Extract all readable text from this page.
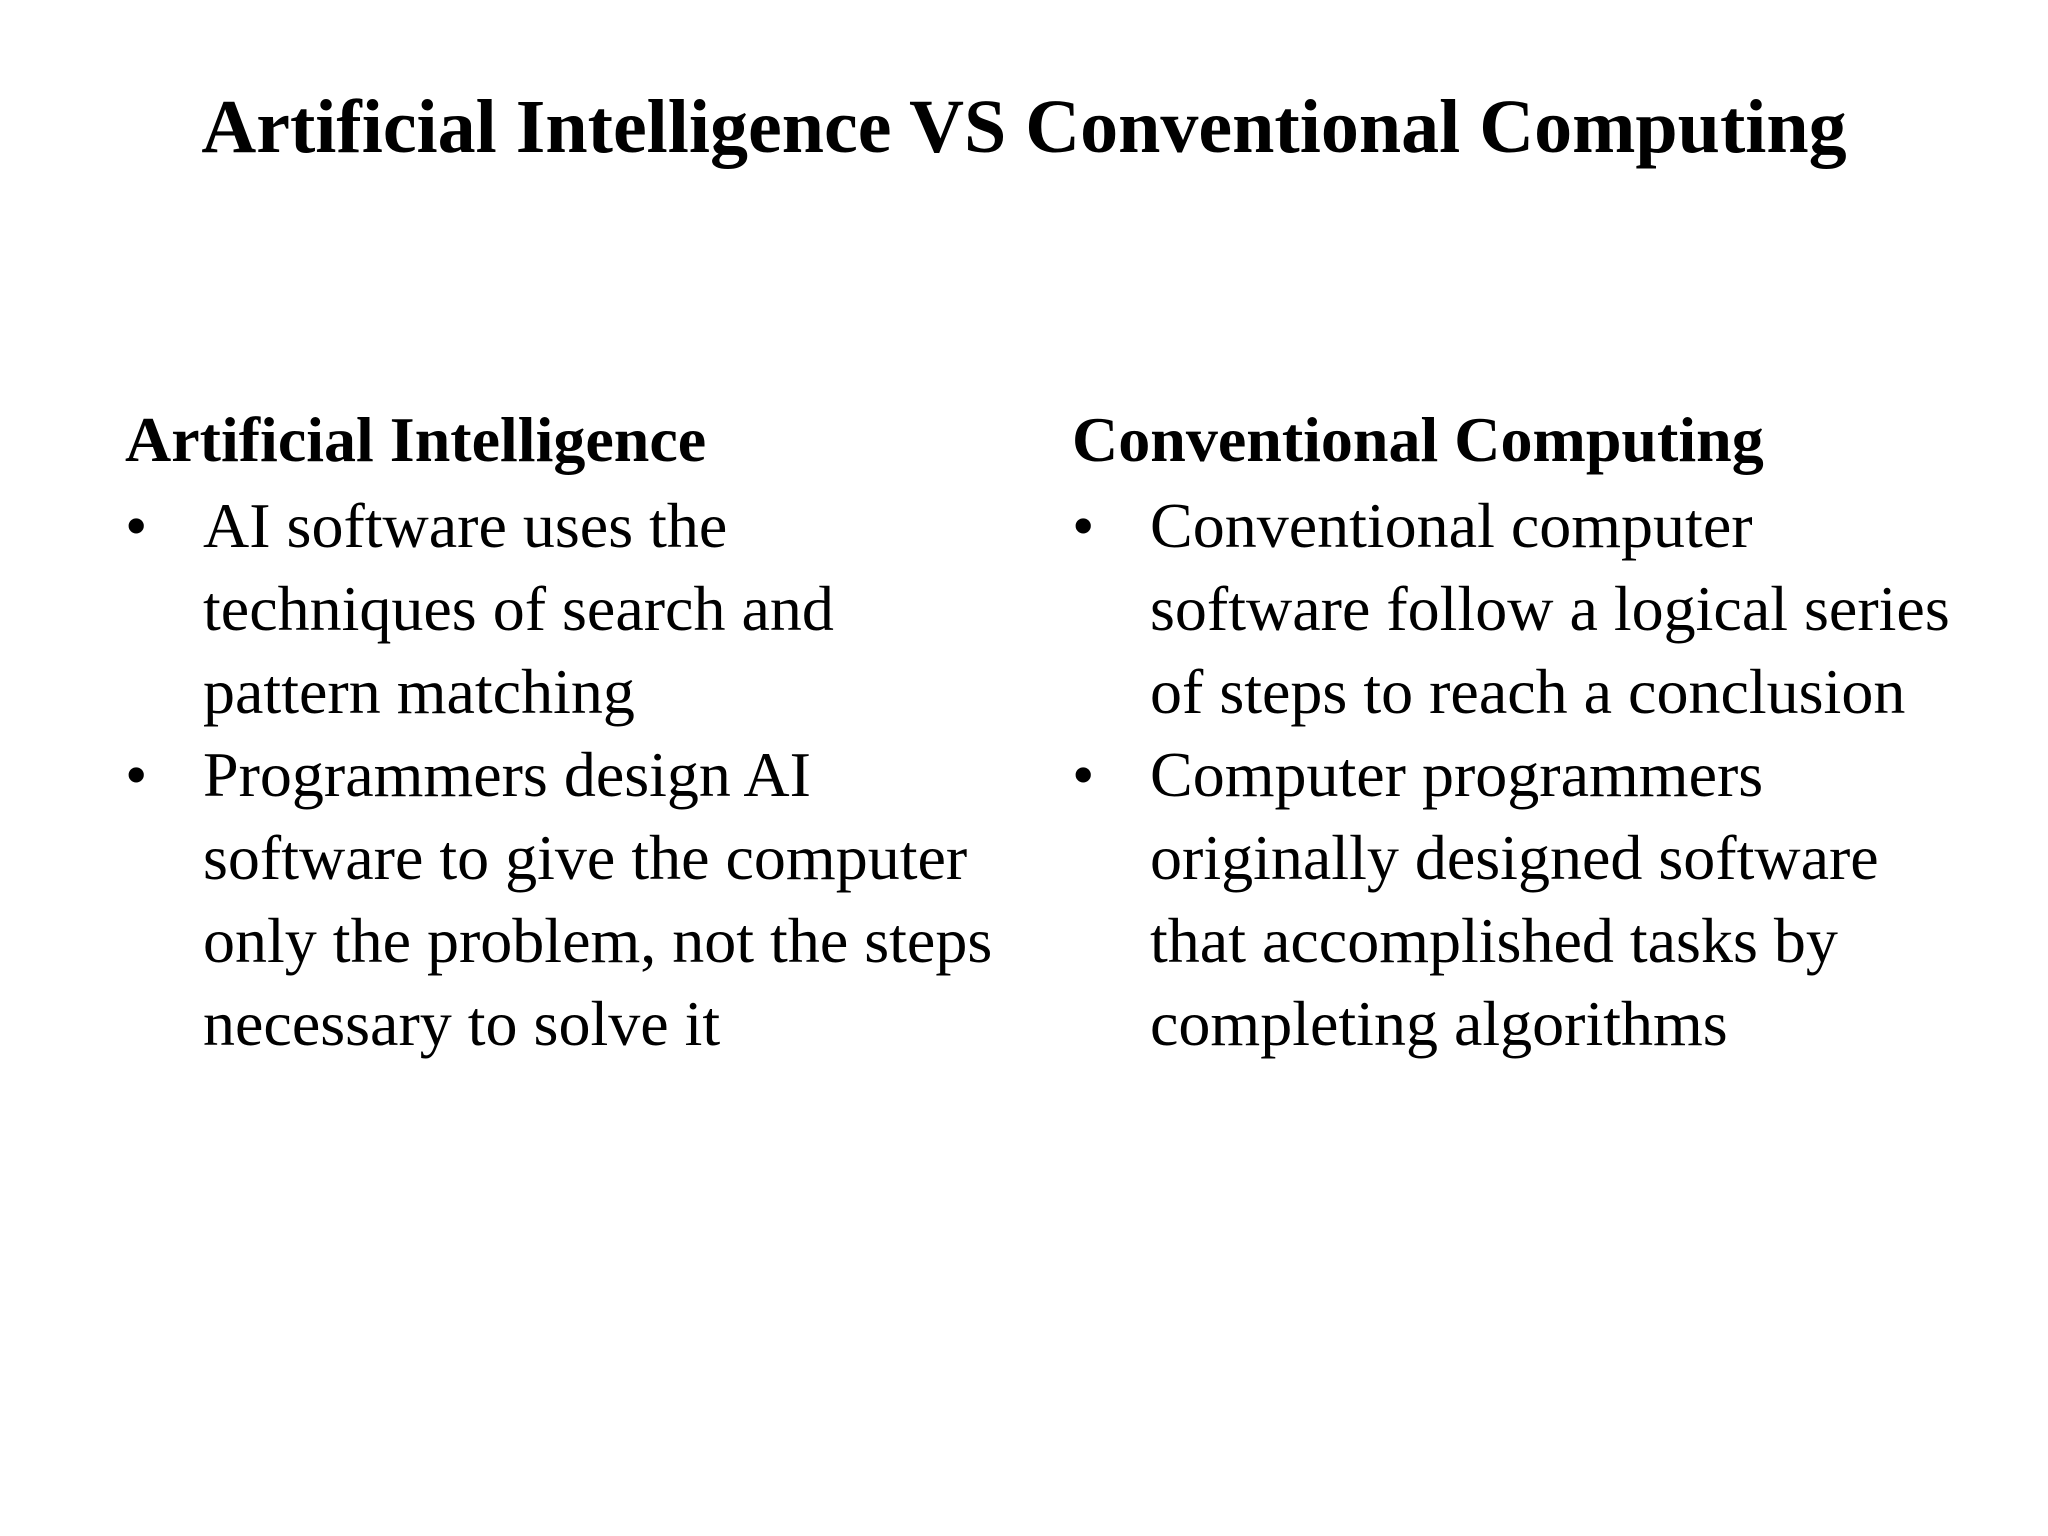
Artificial Intelligence VS Conventional Computing
Artificial Intelligence
• AI software uses the techniques of search and pattern matching
• Programmers design AI software to give the computer only the problem, not the steps necessary to solve it
Conventional Computing
• Conventional computer software follow a logical series of steps to reach a conclusion
• Computer programmers originally designed software that accomplished tasks by completing algorithms
